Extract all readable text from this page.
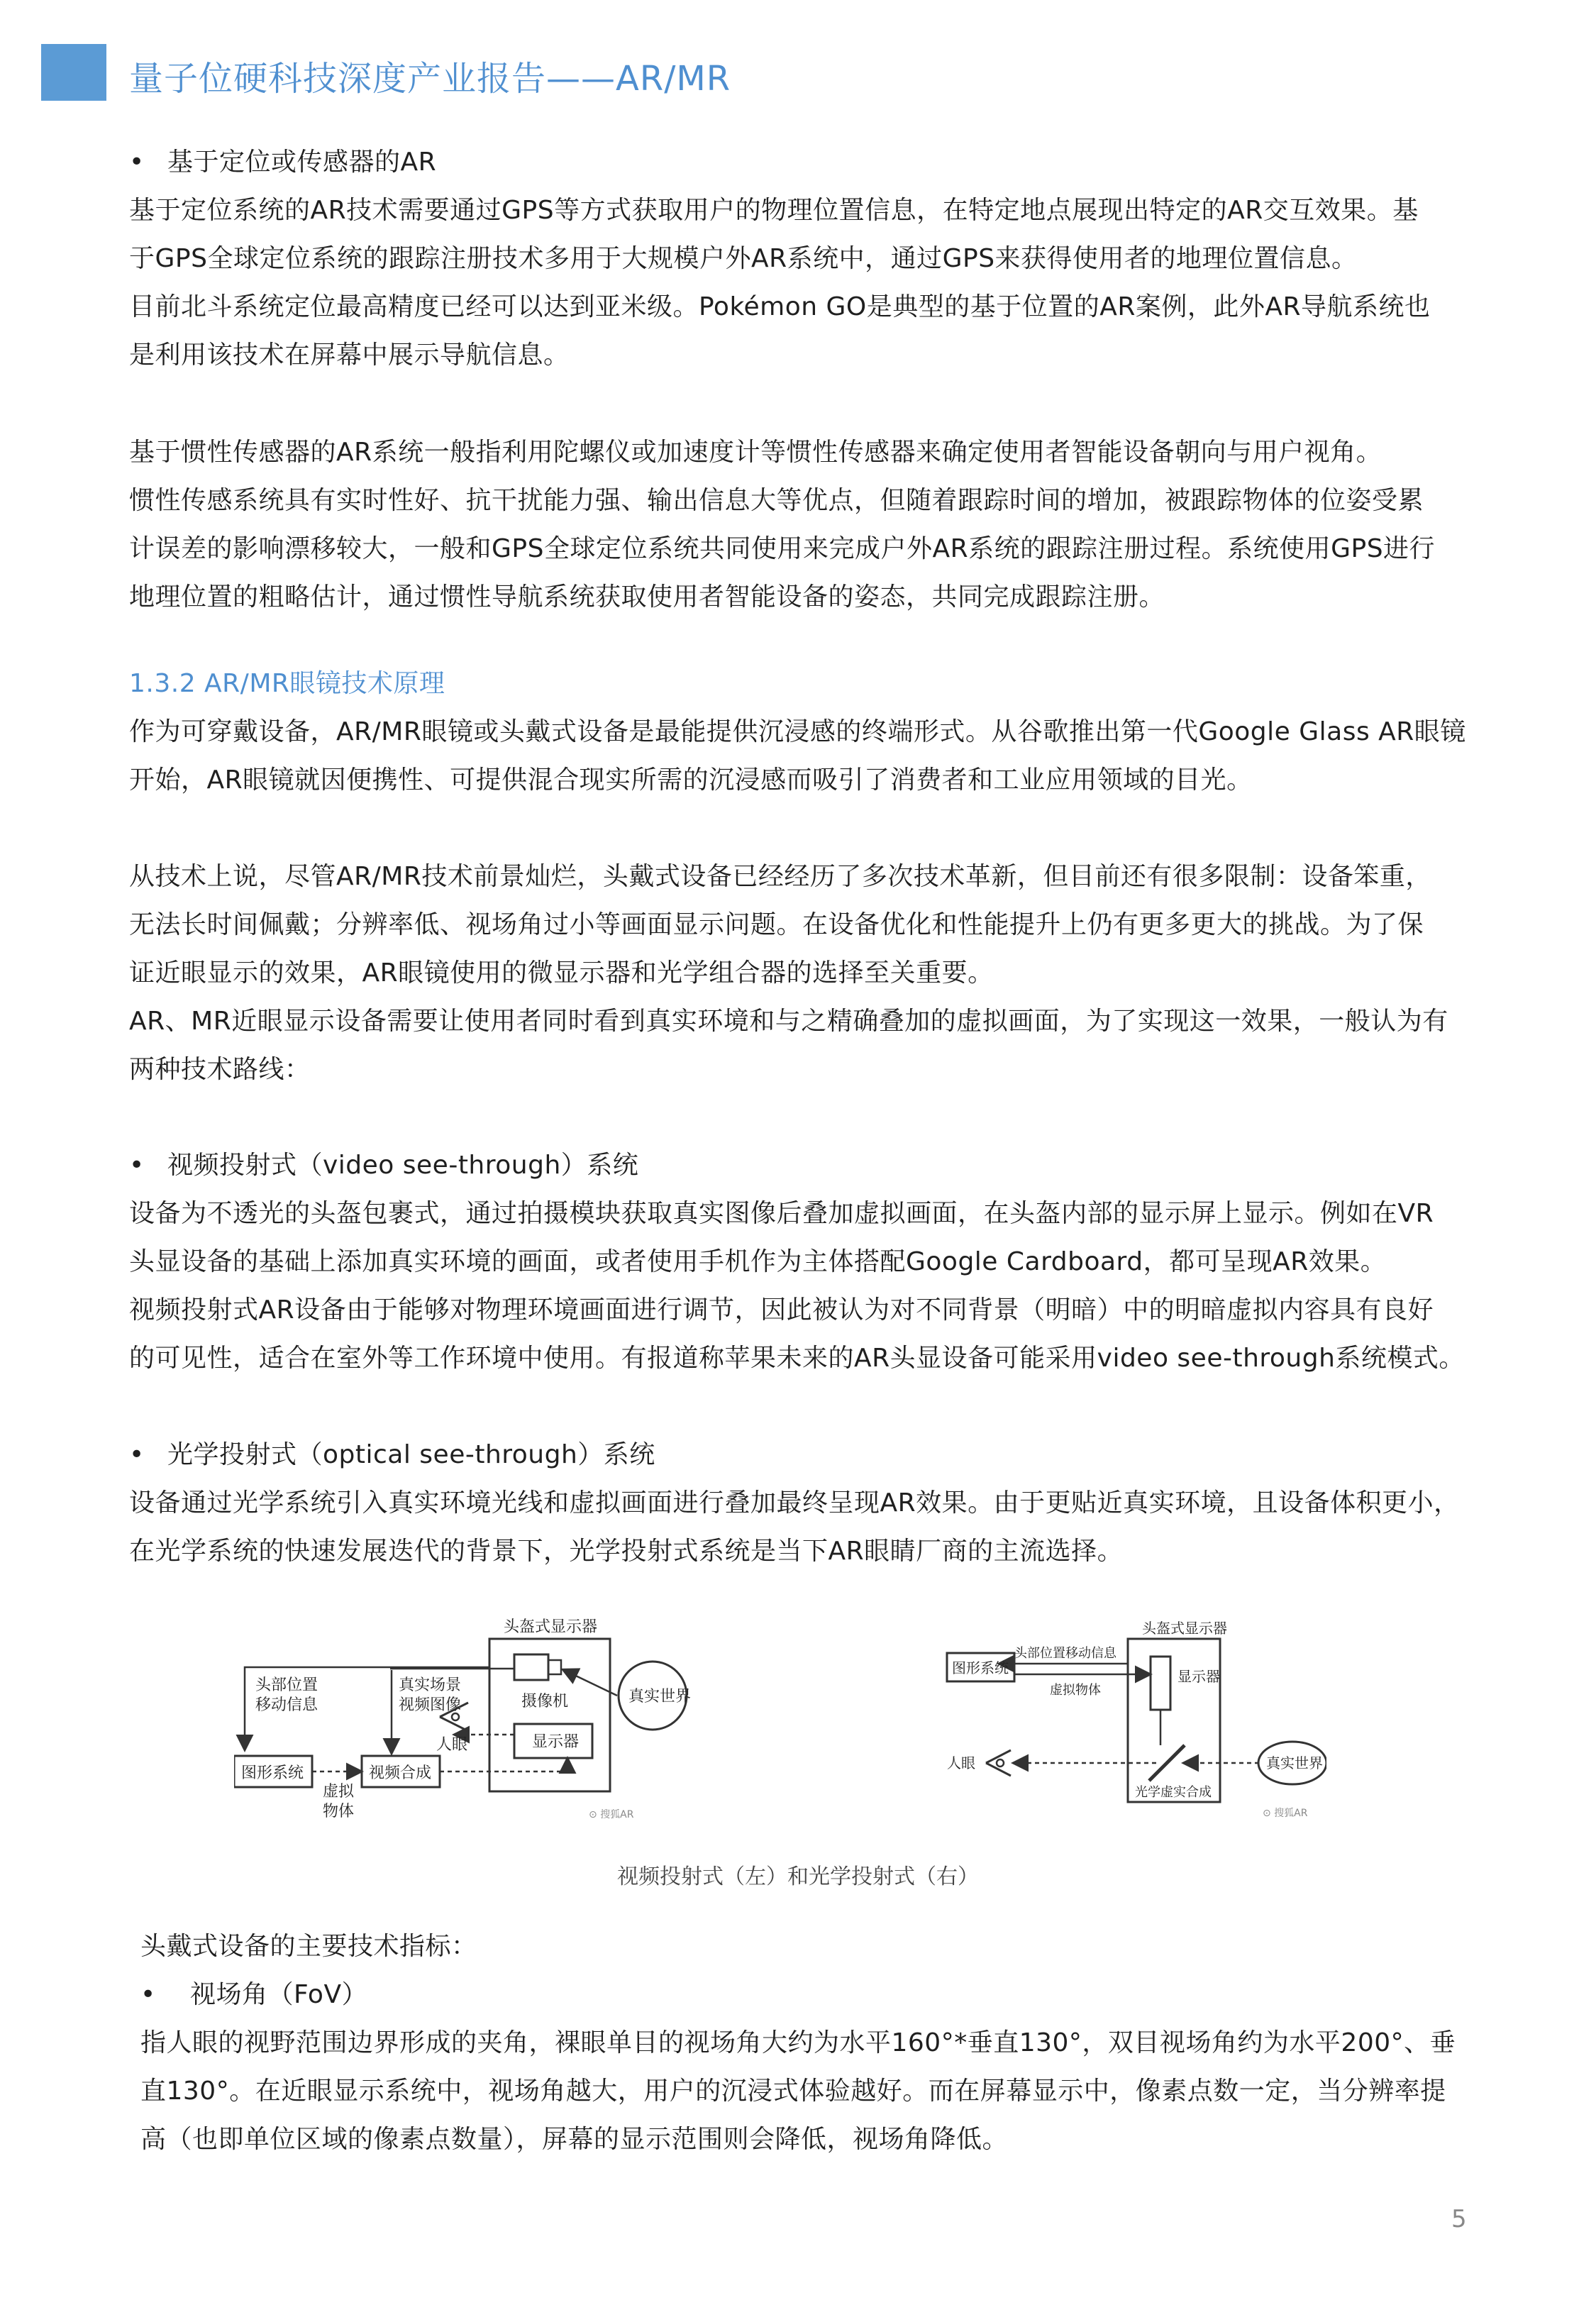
量子位硬科技深度产业报告——AR/MR
基于定位或传感器的AR
基于定位系统的AR技术需要通过GPS等方式获取用户的物理位置信息，在特定地点展现出特定的AR交互效果。基
于GPS全球定位系统的跟踪注册技术多用于大规模户外AR系统中，通过GPS来获得使用者的地理位置信息。
目前北斗系统定位最高精度已经可以达到亚米级。Pokémon GO是典型的基于位置的AR案例，此外AR导航系统也
是利用该技术在屏幕中展示导航信息。
基于惯性传感器的AR系统一般指利用陀螺仪或加速度计等惯性传感器来确定使用者智能设备朝向与用户视角。
惯性传感系统具有实时性好、抗干扰能力强、输出信息大等优点，但随着跟踪时间的增加，被跟踪物体的位姿受累
计误差的影响漂移较大，一般和GPS全球定位系统共同使用来完成户外AR系统的跟踪注册过程。系统使用GPS进行
地理位置的粗略估计，通过惯性导航系统获取使用者智能设备的姿态，共同完成跟踪注册。
1.3.2 AR/MR眼镜技术原理
作为可穿戴设备，AR/MR眼镜或头戴式设备是最能提供沉浸感的终端形式。从谷歌推出第一代Google Glass AR眼镜
开始，AR眼镜就因便携性、可提供混合现实所需的沉浸感而吸引了消费者和工业应用领域的目光。
从技术上说，尽管AR/MR技术前景灿烂，头戴式设备已经经历了多次技术革新，但目前还有很多限制：设备笨重，
无法长时间佩戴；分辨率低、视场角过小等画面显示问题。在设备优化和性能提升上仍有更多更大的挑战。为了保
证近眼显示的效果，AR眼镜使用的微显示器和光学组合器的选择至关重要。
AR、MR近眼显示设备需要让使用者同时看到真实环境和与之精确叠加的虚拟画面，为了实现这一效果，一般认为有
两种技术路线：
视频投射式（video see-through）系统
设备为不透光的头盔包裹式，通过拍摄模块获取真实图像后叠加虚拟画面，在头盔内部的显示屏上显示。例如在VR
头显设备的基础上添加真实环境的画面，或者使用手机作为主体搭配Google Cardboard，都可呈现AR效果。
视频投射式AR设备由于能够对物理环境画面进行调节，因此被认为对不同背景（明暗）中的明暗虚拟内容具有良好
的可见性，适合在室外等工作环境中使用。有报道称苹果未来的AR头显设备可能采用video see-through系统模式。
光学投射式（optical see-through）系统
设备通过光学系统引入真实环境光线和虚拟画面进行叠加最终呈现AR效果。由于更贴近真实环境，且设备体积更小，
在光学系统的快速发展迭代的背景下，光学投射式系统是当下AR眼睛厂商的主流选择。
头戴式设备的主要技术指标：
视场角（FoV）
指人眼的视野范围边界形成的夹角，裸眼单目的视场角大约为水平160°*垂直130°，双目视场角约为水平200°、垂
直130°。在近眼显示系统中，视场角越大，用户的沉浸式体验越好。而在屏幕显示中，像素点数一定，当分辨率提
高（也即单位区域的像素点数量），屏幕的显示范围则会降低，视场角降低。
头盔式显示器
头部位置
移动信息
真实场景
视频图像	摄像机	真实世界
人眼	显示器
图形系统	视频合成
虚拟
物体	⊙ 搜狐AR
头盔式显示器
头部位置移动信息
图形系统	显示器
虚拟物体
人眼	真实世界
光学虚实合成
⊙ 搜狐AR
视频投射式（左）和光学投射式（右）
5
